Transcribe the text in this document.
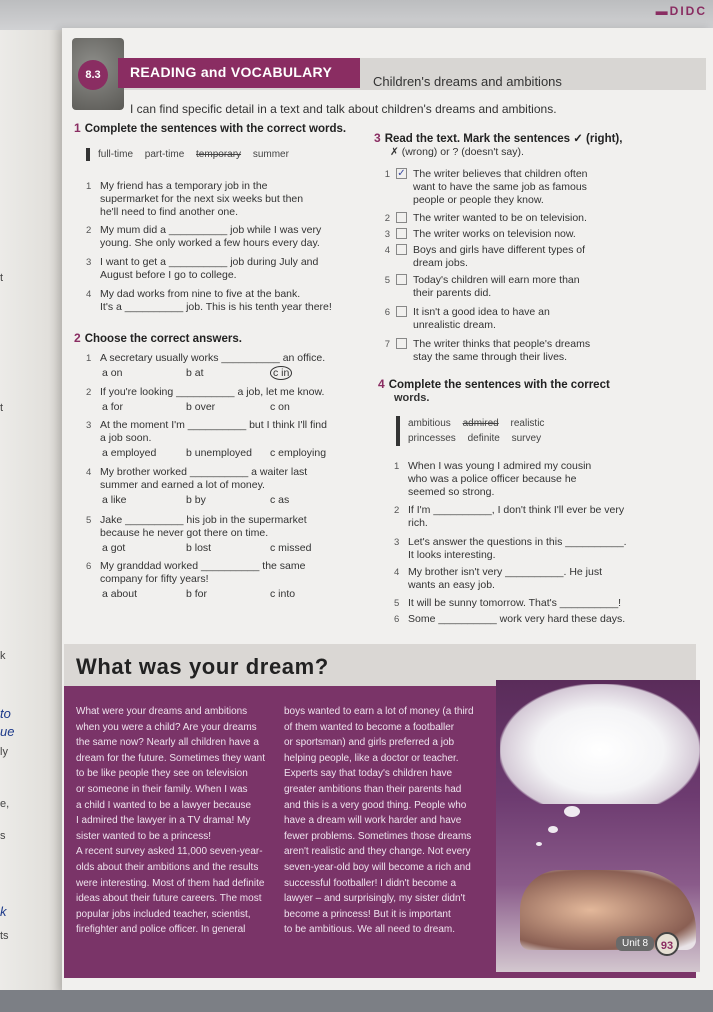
t
t
k
to
ue
ly
e,
s
k
ts
▬DIDC
8.3	READING and VOCABULARY
Children's dreams and ambitions
I can find specific detail in a text and talk about children's dreams and ambitions.
1 Complete the sentences with the correct words.
full-time part-time temporary summer
1 My friend has a temporary job in the
supermarket for the next six weeks but then
he'll need to find another one.
2 My mum did a __________ job while I was very
young. She only worked a few hours every day.
3 I want to get a __________ job during July and
August before I go to college.
4 My dad works from nine to five at the bank.
It's a __________ job. This is his tenth year there!
2 Choose the correct answers.
1 A secretary usually works __________ an office.
a on	b at	c in
2 If you're looking __________ a job, let me know.
a for	b over	c on
3 At the moment I'm __________ but I think I'll find
a job soon.
a employed	b unemployed	c employing
4 My brother worked __________ a waiter last
summer and earned a lot of money.
a like	b by	c as
5 Jake __________ his job in the supermarket
because he never got there on time.
a got	b lost	c missed
6 My granddad worked __________ the same
company for fifty years!
a about	b for	c into
3 Read the text. Mark the sentences ✓ (right),
✗ (wrong) or ? (doesn't say).
1 ✓ The writer believes that children often
want to have the same job as famous
people or people they know.
2	The writer wanted to be on television.
3	The writer works on television now.
4	Boys and girls have different types of
dream jobs.
5	Today's children will earn more than
their parents did.
6	It isn't a good idea to have an
unrealistic dream.
7	The writer thinks that people's dreams
stay the same through their lives.
4 Complete the sentences with the correct
words.
ambitious admired realistic
princesses definite survey
1 When I was young I admired my cousin
who was a police officer because he
seemed so strong.
2 If I'm __________, I don't think I'll ever be very
rich.
3 Let's answer the questions in this __________.
It looks interesting.
4 My brother isn't very __________. He just
wants an easy job.
5 It will be sunny tomorrow. That's __________!
6 Some __________ work very hard these days.
What was your dream?
What were your dreams and ambitions
when you were a child? Are your dreams
the same now? Nearly all children have a
dream for the future. Sometimes they want
to be like people they see on television
or someone in their family. When I was
a child I wanted to be a lawyer because
I admired the lawyer in a TV drama! My
sister wanted to be a princess!
A recent survey asked 11,000 seven-year-
olds about their ambitions and the results
were interesting. Most of them had definite
ideas about their future careers. The most
popular jobs included teacher, scientist,
firefighter and police officer. In general
boys wanted to earn a lot of money (a third
of them wanted to become a footballer
or sportsman) and girls preferred a job
helping people, like a doctor or teacher.
Experts say that today's children have
greater ambitions than their parents had
and this is a very good thing. People who
have a dream will work harder and have
fewer problems. Sometimes those dreams
aren't realistic and they change. Not every
seven-year-old boy will become a rich and
successful footballer! I didn't become a
lawyer – and surprisingly, my sister didn't
become a princess! But it is important
to be ambitious. We all need to dream.
Unit 8	93
